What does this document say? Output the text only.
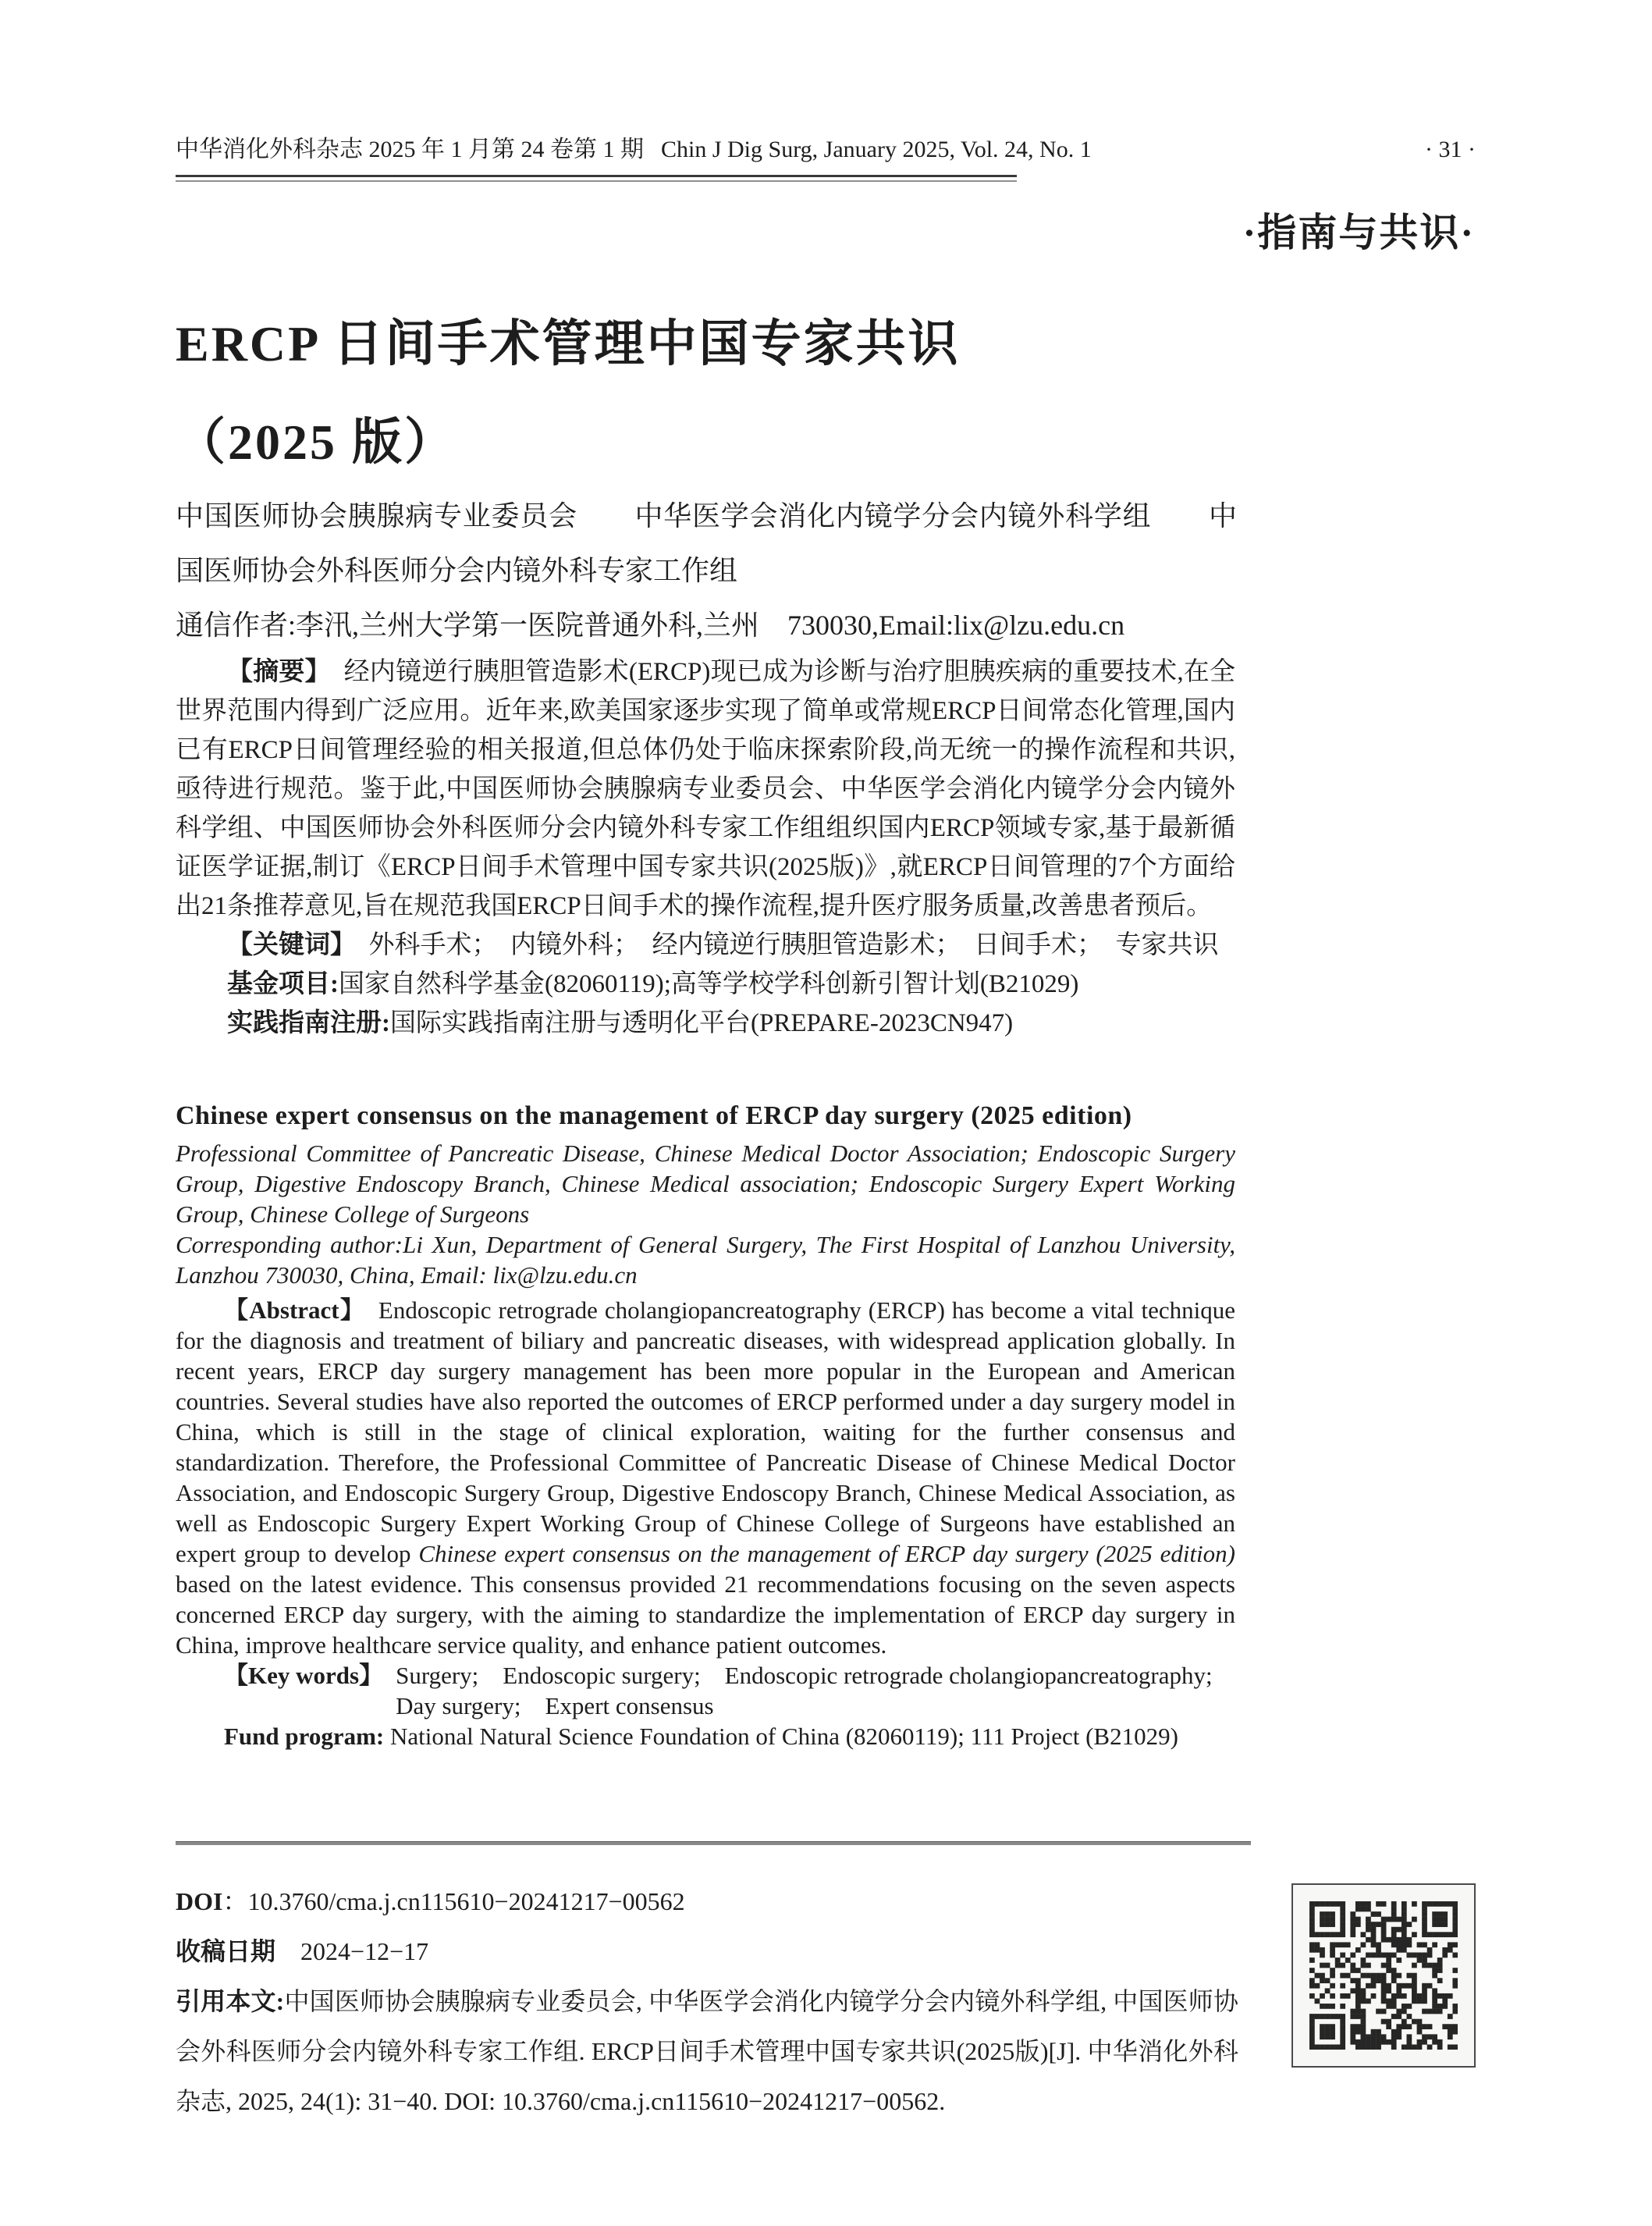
中华消化外科杂志 2025 年 1 月第 24 卷第 1 期 Chin J Dig Surg, January 2025, Vol. 24, No. 1	· 31 ·
·指南与共识·
ERCP 日间手术管理中国专家共识
（2025 版）

中国医师协会胰腺病专业委员会　　中华医学会消化内镜学分会内镜外科学组　　中国医师协会外科医师分会内镜外科专家工作组

通信作者:李汛,兰州大学第一医院普通外科,兰州　730030,Email:lix@lzu.edu.cn

【摘要】　 经内镜逆行胰胆管造影术(ERCP)现已成为诊断与治疗胆胰疾病的重要技术,在全世界范围内得到广泛应用。近年来,欧美国家逐步实现了简单或常规ERCP日间常态化管理,国内已有ERCP日间管理经验的相关报道,但总体仍处于临床探索阶段,尚无统一的操作流程和共识,亟待进行规范。鉴于此,中国医师协会胰腺病专业委员会、中华医学会消化内镜学分会内镜外科学组、中国医师协会外科医师分会内镜外科专家工作组组织国内ERCP领域专家,基于最新循证医学证据,制订《ERCP日间手术管理中国专家共识(2025版)》,就ERCP日间管理的7个方面给出21条推荐意见,旨在规范我国ERCP日间手术的操作流程,提升医疗服务质量,改善患者预后。

【关键词】　 外科手术；　内镜外科；　经内镜逆行胰胆管造影术；　日间手术；　专家共识

基金项目:国家自然科学基金(82060119);高等学校学科创新引智计划(B21029)

实践指南注册:国际实践指南注册与透明化平台(PREPARE-2023CN947)

Chinese expert consensus on the management of ERCP day surgery (2025 edition)

Professional Committee of Pancreatic Disease, Chinese Medical Doctor Association; Endoscopic Surgery Group, Digestive Endoscopy Branch, Chinese Medical association; Endoscopic Surgery Expert Working Group, Chinese College of Surgeons

Corresponding author:Li Xun, Department of General Surgery, The First Hospital of Lanzhou University, Lanzhou 730030, China, Email: lix@lzu.edu.cn

【Abstract】　 Endoscopic retrograde cholangiopancreatography (ERCP) has become a vital technique for the diagnosis and treatment of biliary and pancreatic diseases, with widespread application globally. In recent years, ERCP day surgery management has been more popular in the European and American countries. Several studies have also reported the outcomes of ERCP performed under a day surgery model in China, which is still in the stage of clinical exploration, waiting for the further consensus and standardization. Therefore, the Professional Committee of Pancreatic Disease of Chinese Medical Doctor Association, and Endoscopic Surgery Group, Digestive Endoscopy Branch, Chinese Medical Association, as well as Endoscopic Surgery Expert Working Group of Chinese College of Surgeons have established an expert group to develop Chinese expert consensus on the management of ERCP day surgery (2025 edition) based on the latest evidence. This consensus provided 21 recommendations focusing on the seven aspects concerned ERCP day surgery, with the aiming to standardize the implementation of ERCP day surgery in China, improve healthcare service quality, and enhance patient outcomes.

【Key words】 Surgery;　Endoscopic surgery;　Endoscopic retrograde cholangiopancreatography;　Day surgery;　Expert consensus

Fund program: National Natural Science Foundation of China (82060119); 111 Project (B21029)

DOI：10.3760/cma.j.cn115610−20241217−00562

收稿日期　2024−12−17

引用本文:中国医师协会胰腺病专业委员会, 中华医学会消化内镜学分会内镜外科学组, 中国医师协会外科医师分会内镜外科专家工作组. ERCP日间手术管理中国专家共识(2025版)[J]. 中华消化外科杂志, 2025, 24(1): 31−40. DOI: 10.3760/cma.j.cn115610−20241217−00562.
